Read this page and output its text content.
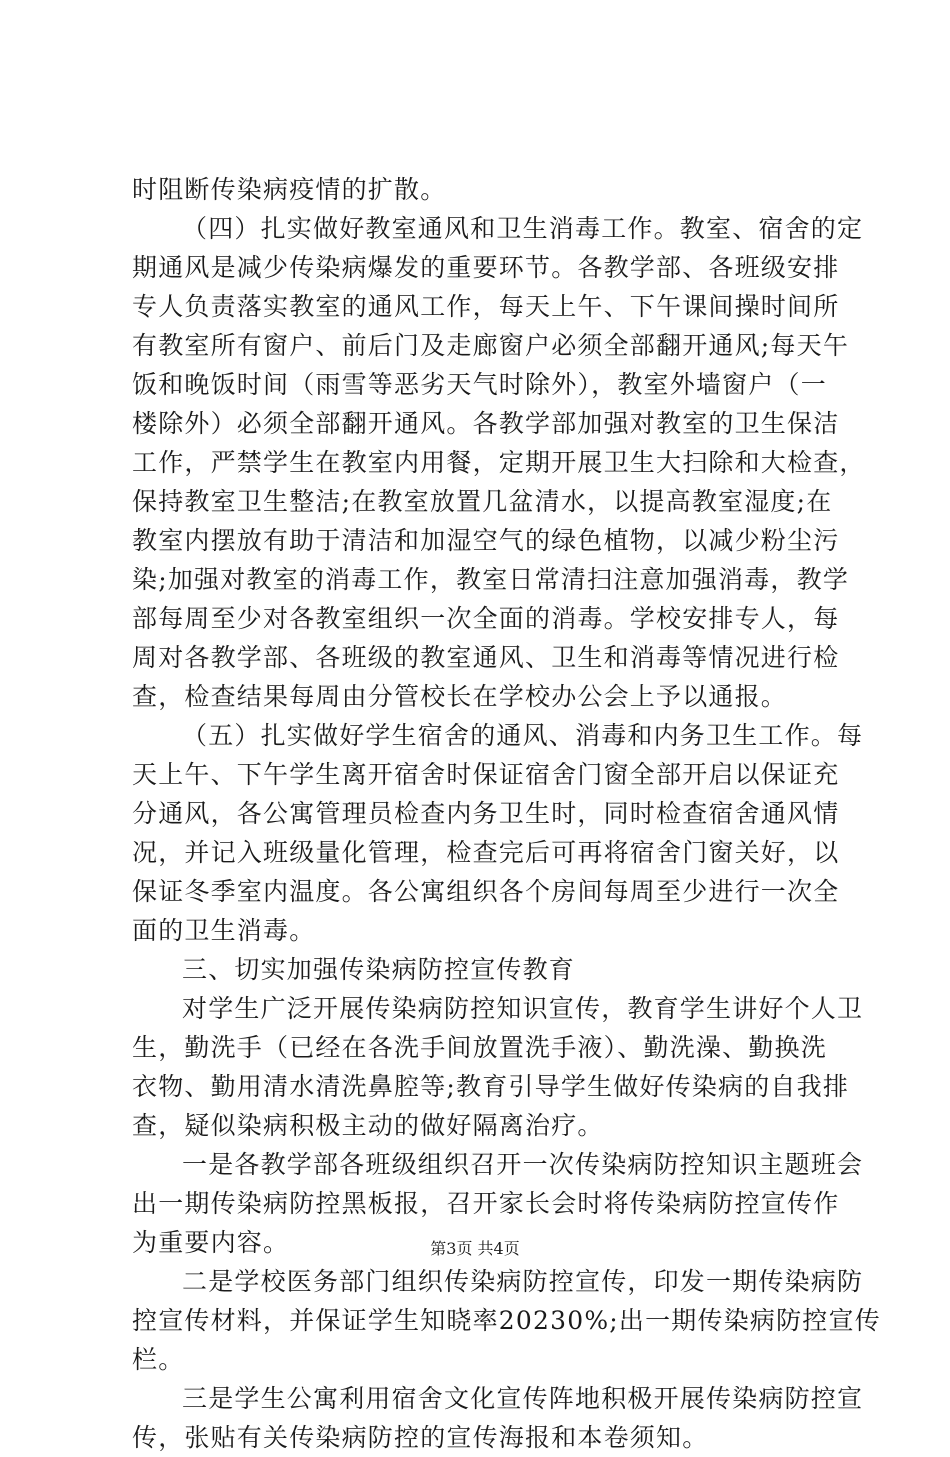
时阻断传染病疫情的扩散。
（四）扎实做好教室通风和卫生消毒工作。教室、宿舍的定
期通风是减少传染病爆发的重要环节。各教学部、各班级安排
专人负责落实教室的通风工作，每天上午、下午课间操时间所
有教室所有窗户、前后门及走廊窗户必须全部翻开通风;每天午
饭和晚饭时间（雨雪等恶劣天气时除外），教室外墙窗户（一
楼除外）必须全部翻开通风。各教学部加强对教室的卫生保洁
工作，严禁学生在教室内用餐，定期开展卫生大扫除和大检查，
保持教室卫生整洁;在教室放置几盆清水，以提高教室湿度;在
教室内摆放有助于清洁和加湿空气的绿色植物，以减少粉尘污
染;加强对教室的消毒工作，教室日常清扫注意加强消毒，教学
部每周至少对各教室组织一次全面的消毒。学校安排专人，每
周对各教学部、各班级的教室通风、卫生和消毒等情况进行检
查，检查结果每周由分管校长在学校办公会上予以通报。
（五）扎实做好学生宿舍的通风、消毒和内务卫生工作。每
天上午、下午学生离开宿舍时保证宿舍门窗全部开启以保证充
分通风，各公寓管理员检查内务卫生时，同时检查宿舍通风情
况，并记入班级量化管理，检查完后可再将宿舍门窗关好，以
保证冬季室内温度。各公寓组织各个房间每周至少进行一次全
面的卫生消毒。
三、切实加强传染病防控宣传教育
对学生广泛开展传染病防控知识宣传，教育学生讲好个人卫
生，勤洗手（已经在各洗手间放置洗手液）、勤洗澡、勤换洗
衣物、勤用清水清洗鼻腔等;教育引导学生做好传染病的自我排
查，疑似染病积极主动的做好隔离治疗。
一是各教学部各班级组织召开一次传染病防控知识主题班会
出一期传染病防控黑板报，召开家长会时将传染病防控宣传作
为重要内容。
二是学校医务部门组织传染病防控宣传，印发一期传染病防
控宣传材料，并保证学生知晓率20230%;出一期传染病防控宣传
栏。
三是学生公寓利用宿舍文化宣传阵地积极开展传染病防控宣
传，张贴有关传染病防控的宣传海报和本卷须知。
第3页 共4页
